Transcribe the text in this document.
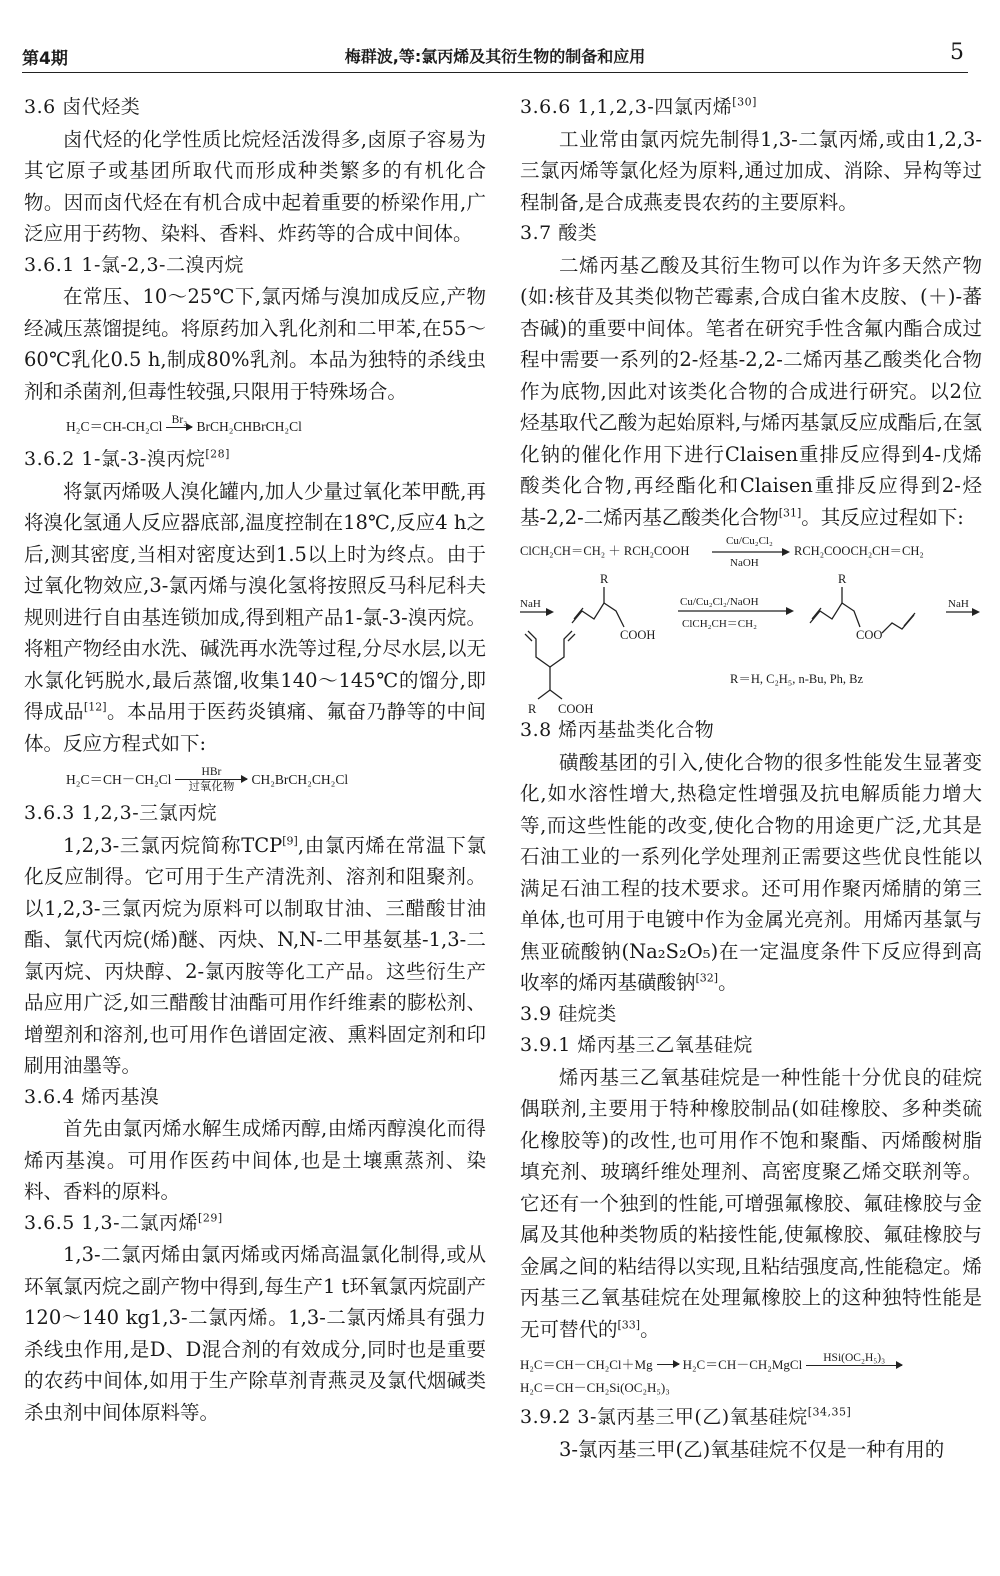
第4期	梅群波,等:氯丙烯及其衍生物的制备和应用	5

3.6 卤代烃类

卤代烃的化学性质比烷烃活泼得多,卤原子容易为其它原子或基团所取代而形成种类繁多的有机化合物。因而卤代烃在有机合成中起着重要的桥梁作用,广泛应用于药物、染料、香料、炸药等的合成中间体。

3.6.1 1-氯-2,3-二溴丙烷

在常压、10～25℃下,氯丙烯与溴加成反应,产物经减压蒸馏提纯。将原药加入乳化剂和二甲苯,在55～60℃乳化0.5 h,制成80%乳剂。本品为独特的杀线虫剂和杀菌剂,但毒性较强,只限用于特殊场合。

H₂C＝CH-CH₂Cl Br₂ BrCH₂CHBrCH₂Cl

3.6.2 1-氯-3-溴丙烷[28]

将氯丙烯吸人溴化罐内,加人少量过氧化苯甲酰,再将溴化氢通人反应器底部,温度控制在18℃,反应4 h之后,测其密度,当相对密度达到1.5以上时为终点。由于过氧化物效应,3-氯丙烯与溴化氢将按照反马科尼科夫规则进行自由基连锁加成,得到粗产品1-氯-3-溴丙烷。将粗产物经由水洗、碱洗再水洗等过程,分尽水层,以无水氯化钙脱水,最后蒸馏,收集140～145℃的馏分,即得成品[12]。本品用于医药炎镇痛、氟奋乃静等的中间体。反应方程式如下:

H₂C＝CH－CH₂Cl	HBr
过氧化物
CH₂BrCH₂CH₂Cl

3.6.3 1,2,3-三氯丙烷

1,2,3-三氯丙烷简称TCP[9],由氯丙烯在常温下氯化反应制得。它可用于生产清洗剂、溶剂和阻聚剂。以1,2,3-三氯丙烷为原料可以制取甘油、三醋酸甘油酯、氯代丙烷(烯)醚、丙炔、N,N-二甲基氨基-1,3-二氯丙烷、丙炔醇、2-氯丙胺等化工产品。这些衍生产品应用广泛,如三醋酸甘油酯可用作纤维素的膨松剂、增塑剂和溶剂,也可用作色谱固定液、熏料固定剂和印刷用油墨等。

3.6.4 烯丙基溴

首先由氯丙烯水解生成烯丙醇,由烯丙醇溴化而得烯丙基溴。可用作医药中间体,也是土壤熏蒸剂、染料、香料的原料。

3.6.5 1,3-二氯丙烯[29]

1,3-二氯丙烯由氯丙烯或丙烯高温氯化制得,或从环氧氯丙烷之副产物中得到,每生产1 t环氧氯丙烷副产120～140 kg1,3-二氯丙烯。1,3-二氯丙烯具有强力杀线虫作用,是D、D混合剂的有效成分,同时也是重要的农药中间体,如用于生产除草剂青燕灵及氯代烟碱类杀虫剂中间体原料等。

3.6.6 1,1,2,3-四氯丙烯[30]

工业常由氯丙烷先制得1,3-二氯丙烯,或由1,2,3-三氯丙烯等氯化烃为原料,通过加成、消除、异构等过程制备,是合成燕麦畏农药的主要原料。

3.7 酸类

二烯丙基乙酸及其衍生物可以作为许多天然产物(如:核苷及其类似物芒霉素,合成白雀木皮胺、(＋)-蕃杏碱)的重要中间体。笔者在研究手性含氟内酯合成过程中需要一系列的2-烃基-2,2-二烯丙基乙酸类化合物作为底物,因此对该类化合物的合成进行研究。以2位烃基取代乙酸为起始原料,与烯丙基氯反应成酯后,在氢化钠的催化作用下进行Claisen重排反应得到4-戊烯酸类化合物,再经酯化和Claisen重排反应得到2-烃基-2,2-二烯丙基乙酸类化合物[31]。其反应过程如下:

ClCH₂CH＝CH₂ ＋ RCH₂COOH
Cu/Cu₂Cl₂
NaOH
RCH₂COOCH₂CH＝CH₂
NaH
R
COOH
Cu/Cu₂Cl₂/NaOH
ClCH₂CH＝CH₂
R
COO
NaH
R COOH
R＝H, C₂H₅, n-Bu, Ph, Bz

3.8 烯丙基盐类化合物

磺酸基团的引入,使化合物的很多性能发生显著变化,如水溶性增大,热稳定性增强及抗电解质能力增大等,而这些性能的改变,使化合物的用途更广泛,尤其是石油工业的一系列化学处理剂正需要这些优良性能以满足石油工程的技术要求。还可用作聚丙烯腈的第三单体,也可用于电镀中作为金属光亮剂。用烯丙基氯与焦亚硫酸钠(Na₂S₂O₅)在一定温度条件下反应得到高收率的烯丙基磺酸钠[32]。

3.9 硅烷类

3.9.1 烯丙基三乙氧基硅烷

烯丙基三乙氧基硅烷是一种性能十分优良的硅烷偶联剂,主要用于特种橡胶制品(如硅橡胶、多种类硫化橡胶等)的改性,也可用作不饱和聚酯、丙烯酸树脂填充剂、玻璃纤维处理剂、高密度聚乙烯交联剂等。它还有一个独到的性能,可增强氟橡胶、氟硅橡胶与金属及其他种类物质的粘接性能,使氟橡胶、氟硅橡胶与金属之间的粘结得以实现,且粘结强度高,性能稳定。烯丙基三乙氧基硅烷在处理氟橡胶上的这种独特性能是无可替代的[33]。

H₂C＝CH－CH₂Cl＋Mg → H₂C＝CH－CH₂MgCl HSi(OC₂H₅)₃
H₂C＝CH－CH₂Si(OC₂H₅)₃

3.9.2 3-氯丙基三甲(乙)氧基硅烷[34,35]

3-氯丙基三甲(乙)氧基硅烷不仅是一种有用的
